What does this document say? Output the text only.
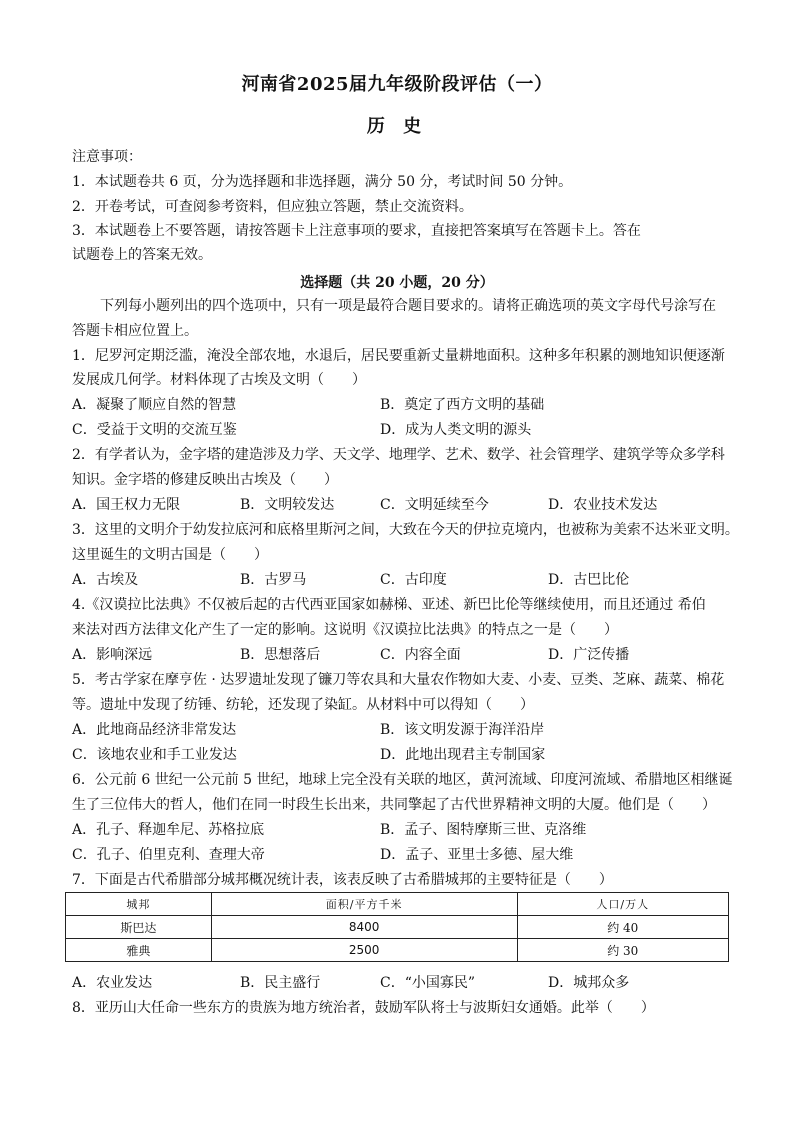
河南省2025届九年级阶段评估（一）
历 史
注意事项：
1．本试题卷共 6 页，分为选择题和非选择题，满分 50 分，考试时间 50 分钟。
2．开卷考试，可查阅参考资料，但应独立答题，禁止交流资料。
3．本试题卷上不要答题，请按答题卡上注意事项的要求，直接把答案填写在答题卡上。答在
试题卷上的答案无效。
选择题（共 20 小题，20 分）
下列每小题列出的四个选项中，只有一项是最符合题目要求的。请将正确选项的英文字母代号涂写在
答题卡相应位置上。
1．尼罗河定期泛滥，淹没全部农地，水退后，居民要重新丈量耕地面积。这种多年积累的测地知识便逐渐
发展成几何学。材料体现了古埃及文明（　　）
A．凝聚了顺应自然的智慧	B．奠定了西方文明的基础
C．受益于文明的交流互鉴	D．成为人类文明的源头
2．有学者认为，金字塔的建造涉及力学、天文学、地理学、艺术、数学、社会管理学、建筑学等众多学科
知识。金字塔的修建反映出古埃及（　　）
A．国王权力无限	B．文明较发达	C．文明延续至今	D．农业技术发达
3．这里的文明介于幼发拉底河和底格里斯河之间，大致在今天的伊拉克境内，也被称为美索不达米亚文明。
这里诞生的文明古国是（　　）
A．古埃及	B．古罗马	C．古印度	D．古巴比伦
4.《汉谟拉比法典》不仅被后起的古代西亚国家如赫梯、亚述、新巴比伦等继续使用，而且还通过 希伯
来法对西方法律文化产生了一定的影响。这说明《汉谟拉比法典》的特点之一是（　　）
A．影响深远	B．思想落后	C．内容全面	D．广泛传播
5．考古学家在摩亨佐 · 达罗遗址发现了镰刀等农具和大量农作物如大麦、小麦、豆类、芝麻、蔬菜、棉花
等。遗址中发现了纺锤、纺轮，还发现了染缸。从材料中可以得知（　　）
A．此地商品经济非常发达	B．该文明发源于海洋沿岸
C．该地农业和手工业发达	D．此地出现君主专制国家
6．公元前 6 世纪一公元前 5 世纪，地球上完全没有关联的地区，黄河流域、印度河流域、希腊地区相继诞
生了三位伟大的哲人，他们在同一时段生长出来，共同擎起了古代世界精神文明的大厦。他们是（　　）
A．孔子、释迦牟尼、苏格拉底	B．孟子、图特摩斯三世、克洛维
C．孔子、伯里克利、查理大帝	D．孟子、亚里士多德、屋大维
7．下面是古代希腊部分城邦概况统计表，该表反映了古希腊城邦的主要特征是（　　）
城邦	面积/平方千米	人口/万人
斯巴达	8400	约 40
雅典	2500	约 30
A．农业发达	B．民主盛行	C．“小国寡民”	D．城邦众多
8．亚历山大任命一些东方的贵族为地方统治者，鼓励军队将士与波斯妇女通婚。此举（　　）
